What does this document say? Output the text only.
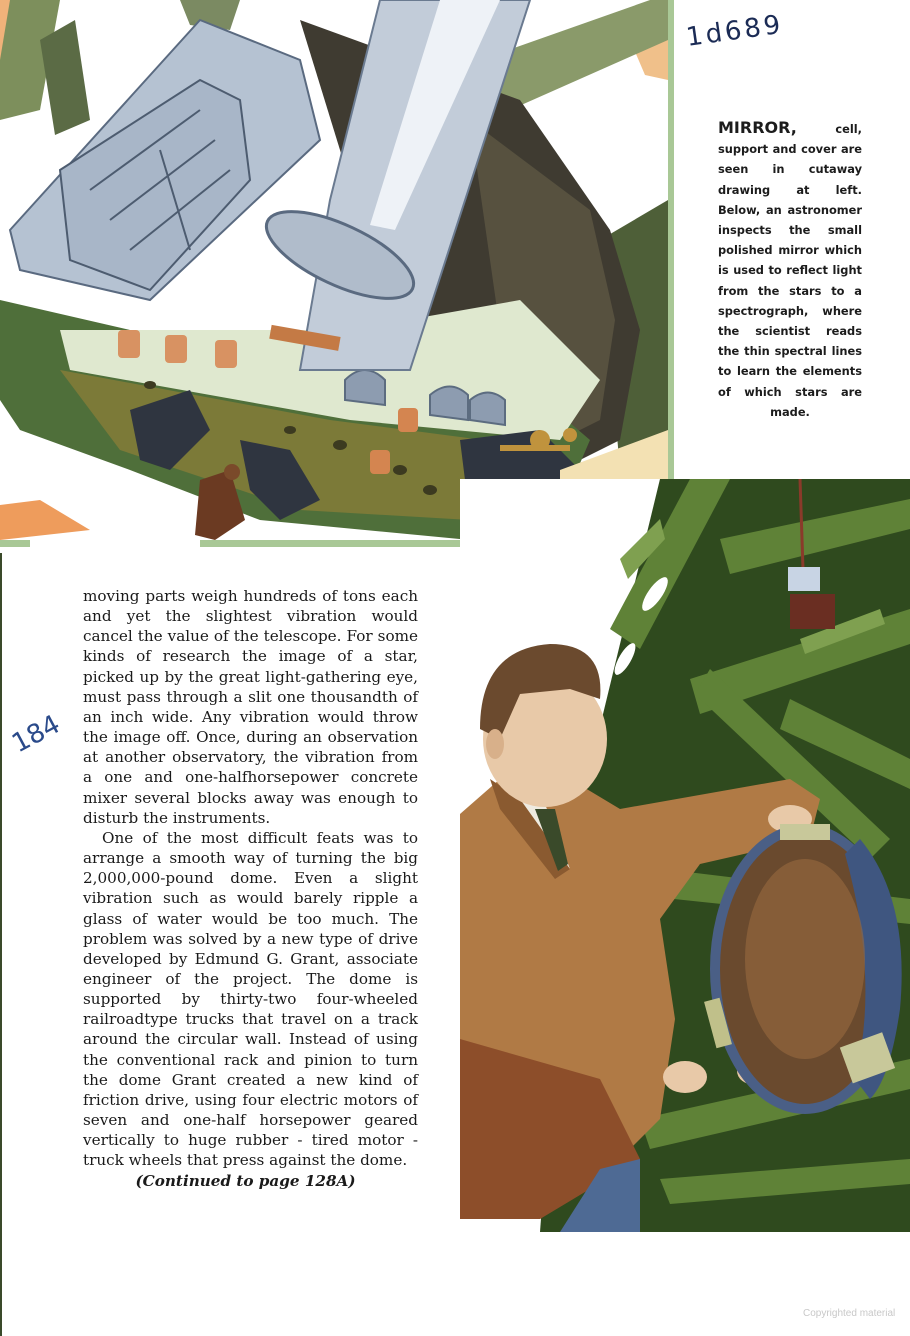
1d689
184
MIRROR,	cell, support and cover are seen in cutaway drawing at left. Below, an astronomer inspects the small polished mirror which is used to reflect light from the stars to a spectrograph, where the scientist reads the thin spectral lines to learn the elements of which stars are made.

moving parts weigh hundreds of tons each and yet the slightest vibration would cancel the value of the telescope. For some kinds of research the image of a star, picked up by the great light-gathering eye, must pass through a slit one thousandth of an inch wide. Any vibration would throw the image off. Once, during an observation at another observatory, the vibration from a one and one-halfhorsepower concrete mixer several blocks away was enough to disturb the instruments.

One of the most difficult feats was to arrange a smooth way of turning the big 2,000,000-pound dome. Even a slight vibration such as would barely ripple a glass of water would be too much. The problem was solved by a new type of drive developed by Edmund G. Grant, associate engineer of the project. The dome is supported by thirty-two four-wheeled railroadtype trucks that travel on a track around the circular wall. Instead of using the conventional rack and pinion to turn the dome Grant created a new kind of friction drive, using four electric motors of seven and one-half horsepower geared vertically to huge rubber - tired motor - truck wheels that press against the dome.

(Continued to page 128A)
Copyrighted material
